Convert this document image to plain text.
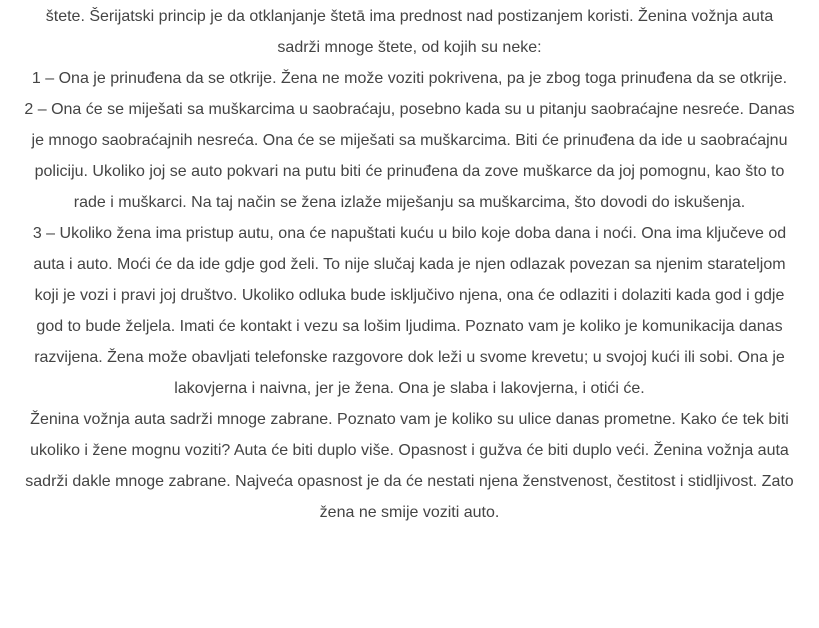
štete. Šerijatski princip je da otklanjanje štetā ima prednost nad postizanjem koristi. Ženina vožnja auta sadrži mnoge štete, od kojih su neke:

1 – Ona je prinuđena da se otkrije. Žena ne može voziti pokrivena, pa je zbog toga prinuđena da se otkrije.

2 – Ona će se miješati sa muškarcima u saobraćaju, posebno kada su u pitanju saobraćajne nesreće. Danas je mnogo saobraćajnih nesreća. Ona će se miješati sa muškarcima. Biti će prinuđena da ide u saobraćajnu policiju. Ukoliko joj se auto pokvari na putu biti će prinuđena da zove muškarce da joj pomognu, kao što to rade i muškarci. Na taj način se žena izlaže miješanju sa muškarcima, što dovodi do iskušenja.

3 – Ukoliko žena ima pristup autu, ona će napuštati kuću u bilo koje doba dana i noći. Ona ima ključeve od auta i auto. Moći će da ide gdje god želi. To nije slučaj kada je njen odlazak povezan sa njenim starateljom koji je vozi i pravi joj društvo. Ukoliko odluka bude isključivo njena, ona će odlaziti i dolaziti kada god i gdje god to bude željela. Imati će kontakt i vezu sa lošim ljudima. Poznato vam je koliko je komunikacija danas razvijena. Žena može obavljati telefonske razgovore dok leži u svome krevetu; u svojoj kući ili sobi. Ona je lakovjerna i naivna, jer je žena. Ona je slaba i lakovjerna, i otići će.

Ženina vožnja auta sadrži mnoge zabrane. Poznato vam je koliko su ulice danas prometne. Kako će tek biti ukoliko i žene mognu voziti? Auta će biti duplo više. Opasnost i gužva će biti duplo veći. Ženina vožnja auta sadrži dakle mnoge zabrane. Najveća opasnost je da će nestati njena ženstvenost, čestitost i stidljivost. Zato žena ne smije voziti auto.
